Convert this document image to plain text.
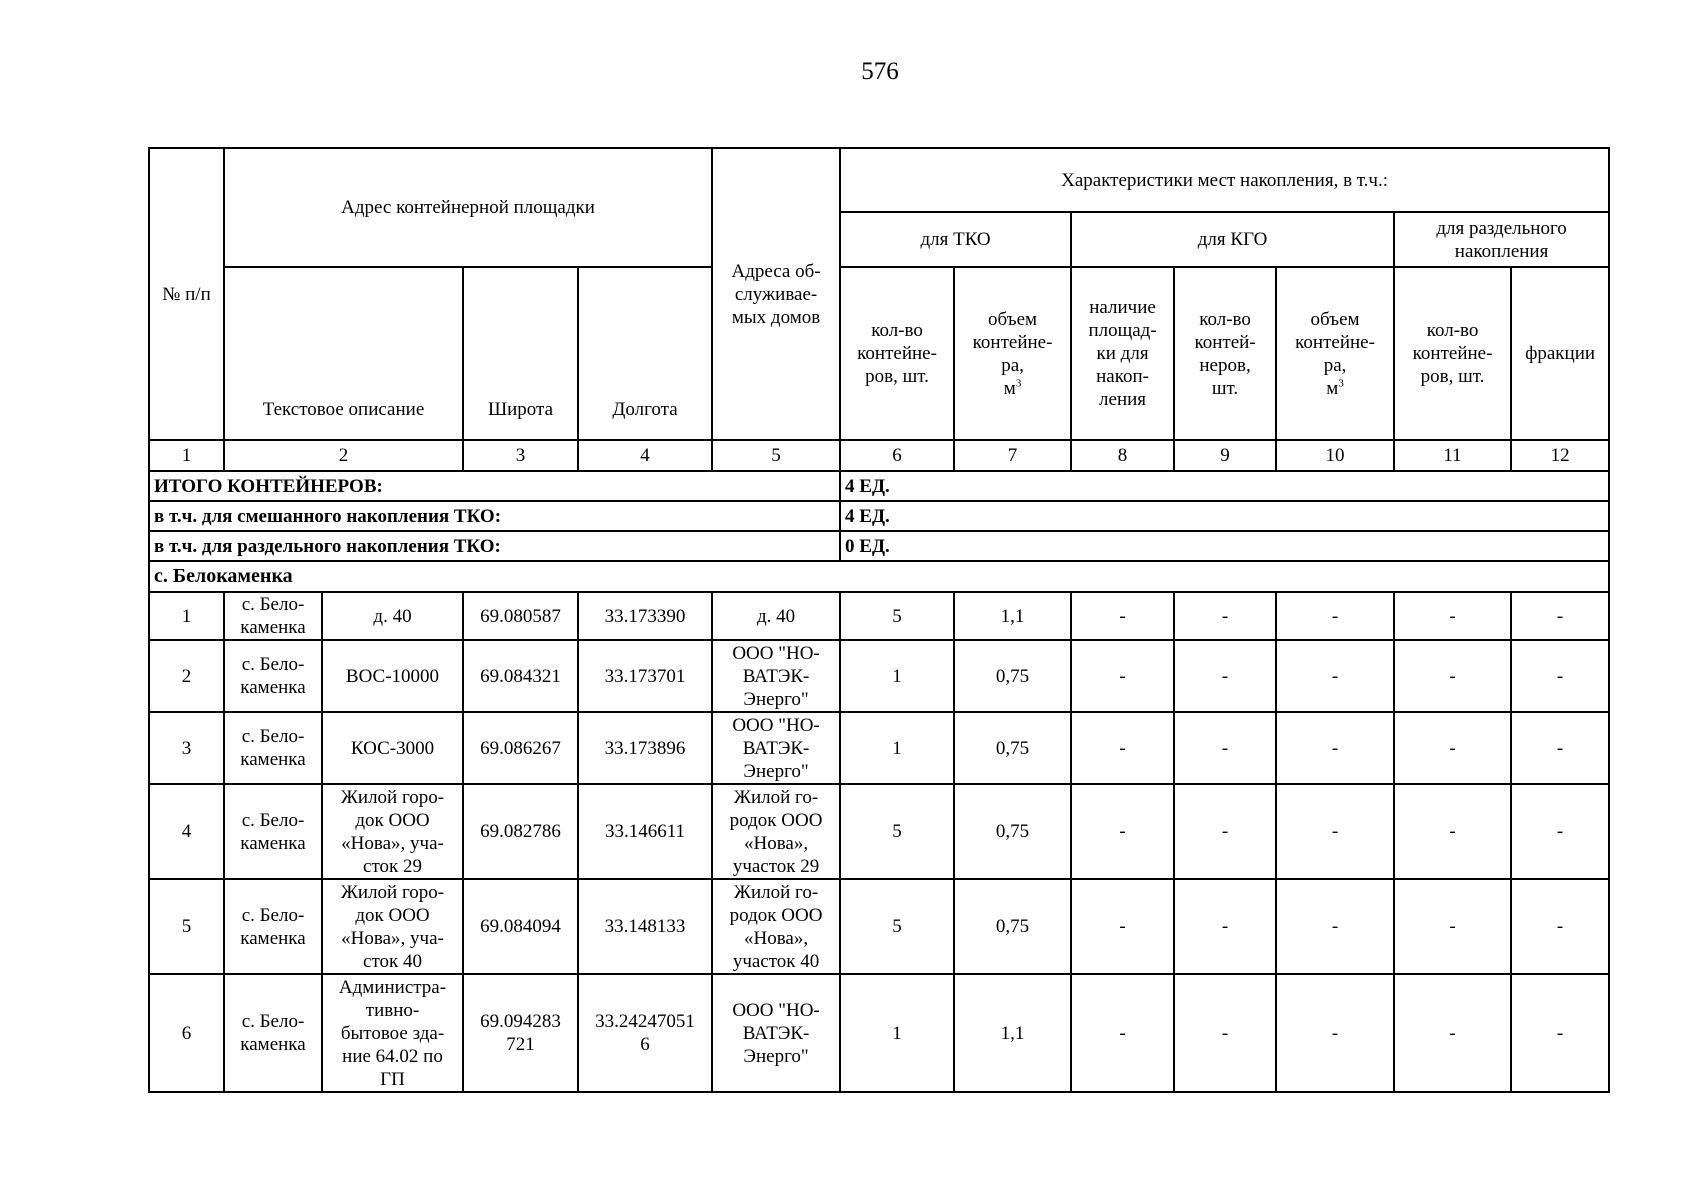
576
№ п/п	Адрес контейнерной площадки				Адреса об-
служивае-
мых домов	Характеристики мест накопления, в т.ч.:						
						для ТКО		для КГО			для раздельного
накопления	
	Текстовое описание		Широта	Долгота		кол-во
контейне-
ров, шт.	объем
контейне-
ра,
$м^3$	наличие
площад-
ки для
накоп-
ления	кол-во
контей-
неров,
шт.	объем
контейне-
ра,
$м^3$	кол-во
контейне-
ров, шт.	фракции
1	2		3	4	5	6	7	8	9	10	11	12
ИТОГО КОНТЕЙНЕРОВ:						4 ЕД.						
в т.ч. для смешанного накопления ТКО:						4 ЕД.						
в т.ч. для раздельного накопления ТКО:						0 ЕД.						
с. Белокаменка												
1	с. Бело-
каменка	д. 40	69.080587	33.173390	д. 40	5	1,1	-	-	-	-	-
2	с. Бело-
каменка	ВОС-10000	69.084321	33.173701	ООО "НО-
ВАТЭК-
Энерго"	1	0,75	-	-	-	-	-
3	с. Бело-
каменка	КОС-3000	69.086267	33.173896	ООО "НО-
ВАТЭК-
Энерго"	1	0,75	-	-	-	-	-
4	с. Бело-
каменка	Жилой горо-
док ООО
«Нова», уча-
сток 29	69.082786	33.146611	Жилой го-
родок ООО
«Нова»,
участок 29	5	0,75	-	-	-	-	-
5	с. Бело-
каменка	Жилой горо-
док ООО
«Нова», уча-
сток 40	69.084094	33.148133	Жилой го-
родок ООО
«Нова»,
участок 40	5	0,75	-	-	-	-	-
6	с. Бело-
каменка	Администра-
тивно-
бытовое зда-
ние 64.02 по
ГП	69.094283
721	33.24247051
6	ООО "НО-
ВАТЭК-
Энерго"	1	1,1	-	-	-	-	-
